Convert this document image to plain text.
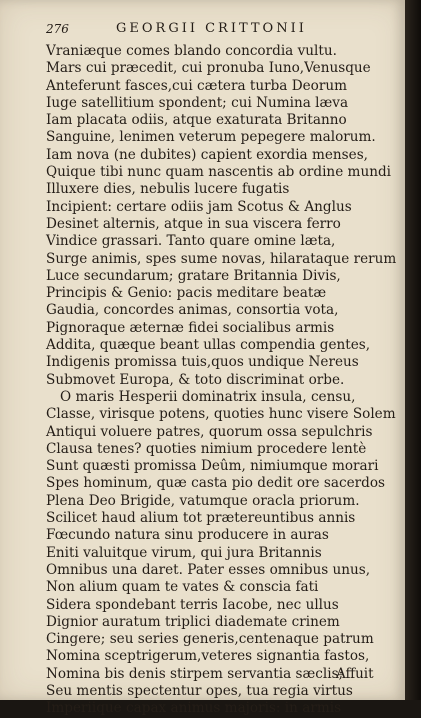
276	GEORGII CRITTONII
Vraniæque comes blando concordia vultu.
Mars cui præcedit, cui pronuba Iuno,Venusque
Anteferunt fasces,cui cætera turba Deorum
Iuge satellitium spondent; cui Numina læva
Iam placata odiis, atque exaturata Britanno
Sanguine, lenimen veterum pepegere malorum.
Iam nova (ne dubites) capient exordia menses,
Quique tibi nunc quam nascentis ab ordine mundi
Illuxere dies, nebulis lucere fugatis
Incipient: certare odiis jam Scotus & Anglus
Desinet alternis, atque in sua viscera ferro
Vindice grassari. Tanto quare omine læta,
Surge animis, spes sume novas, hilarataque rerum
Luce secundarum; gratare Britannia Divis,
Principis & Genio: pacis meditare beatæ
Gaudia, concordes animas, consortia vota,
Pignoraque æternæ fidei socialibus armis
Addita, quæque beant ullas compendia gentes,
Indigenis promissa tuis,quos undique Nereus
Submovet Europa, & toto discriminat orbe.
O maris Hesperii dominatrix insula, censu,
Classe, virisque potens, quoties hunc visere Solem
Antiqui voluere patres, quorum ossa sepulchris
Clausa tenes? quoties nimium procedere lentè
Sunt quæsti promissa Deûm, nimiumque morari
Spes hominum, quæ casta pio dedit ore sacerdos
Plena Deo Brigide, vatumque oracla priorum.
Scilicet haud alium tot prætereuntibus annis
Fœcundo natura sinu producere in auras
Eniti valuitque virum, qui jura Britannis
Omnibus una daret. Pater esses omnibus unus,
Non alium quam te vates & conscia fati
Sidera spondebant terris Iacobe, nec ullus
Dignior auratum triplici diademate crinem
Cingere; seu series generis,centenaque patrum
Nomina sceptrigerum,veteres signantia fastos,
Nomina bis denis stirpem servantia sæclis;
Seu mentis spectentur opes, tua regia virtus
Imperiique capax animus majoris: in armis
Affuit
